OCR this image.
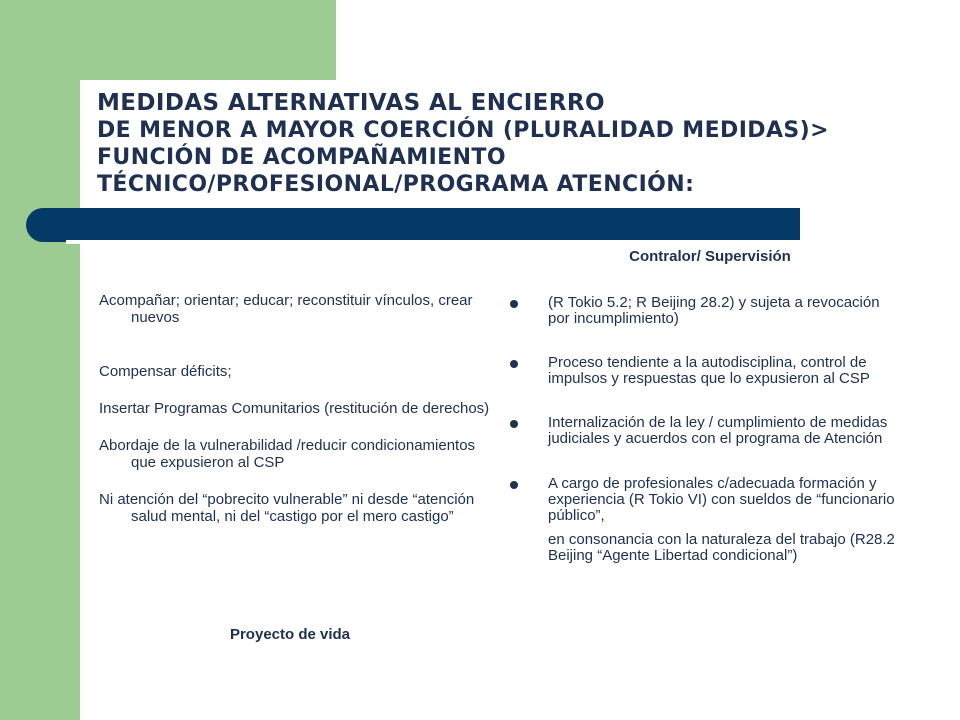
MEDIDAS ALTERNATIVAS AL ENCIERRO
DE MENOR A MAYOR COERCIÓN (PLURALIDAD MEDIDAS)>
FUNCIÓN DE ACOMPAÑAMIENTO
TÉCNICO/PROFESIONAL/PROGRAMA ATENCIÓN:

Acompañar; orientar; educar; reconstituir vínculos, crear nuevos

Compensar déficits;

Insertar Programas Comunitarios (restitución de derechos)

Abordaje de la vulnerabilidad /reducir condicionamientos que expusieron al CSP

Ni atención del “pobrecito vulnerable” ni desde “atención salud mental, ni del “castigo por el mero castigo”

Proyecto de vida
Contralor/ Supervisión
(R Tokio 5.2; R Beijing 28.2) y sujeta a revocación por incumplimiento)
Proceso tendiente a la autodisciplina, control de impulsos y respuestas que lo expusieron al CSP
Internalización de la ley / cumplimiento de medidas judiciales y acuerdos con el programa de Atención
A cargo de profesionales c/adecuada formación y experiencia (R Tokio VI) con sueldos de “funcionario público”,

en consonancia con la naturaleza del trabajo (R28.2 Beijing “Agente Libertad condicional”)
